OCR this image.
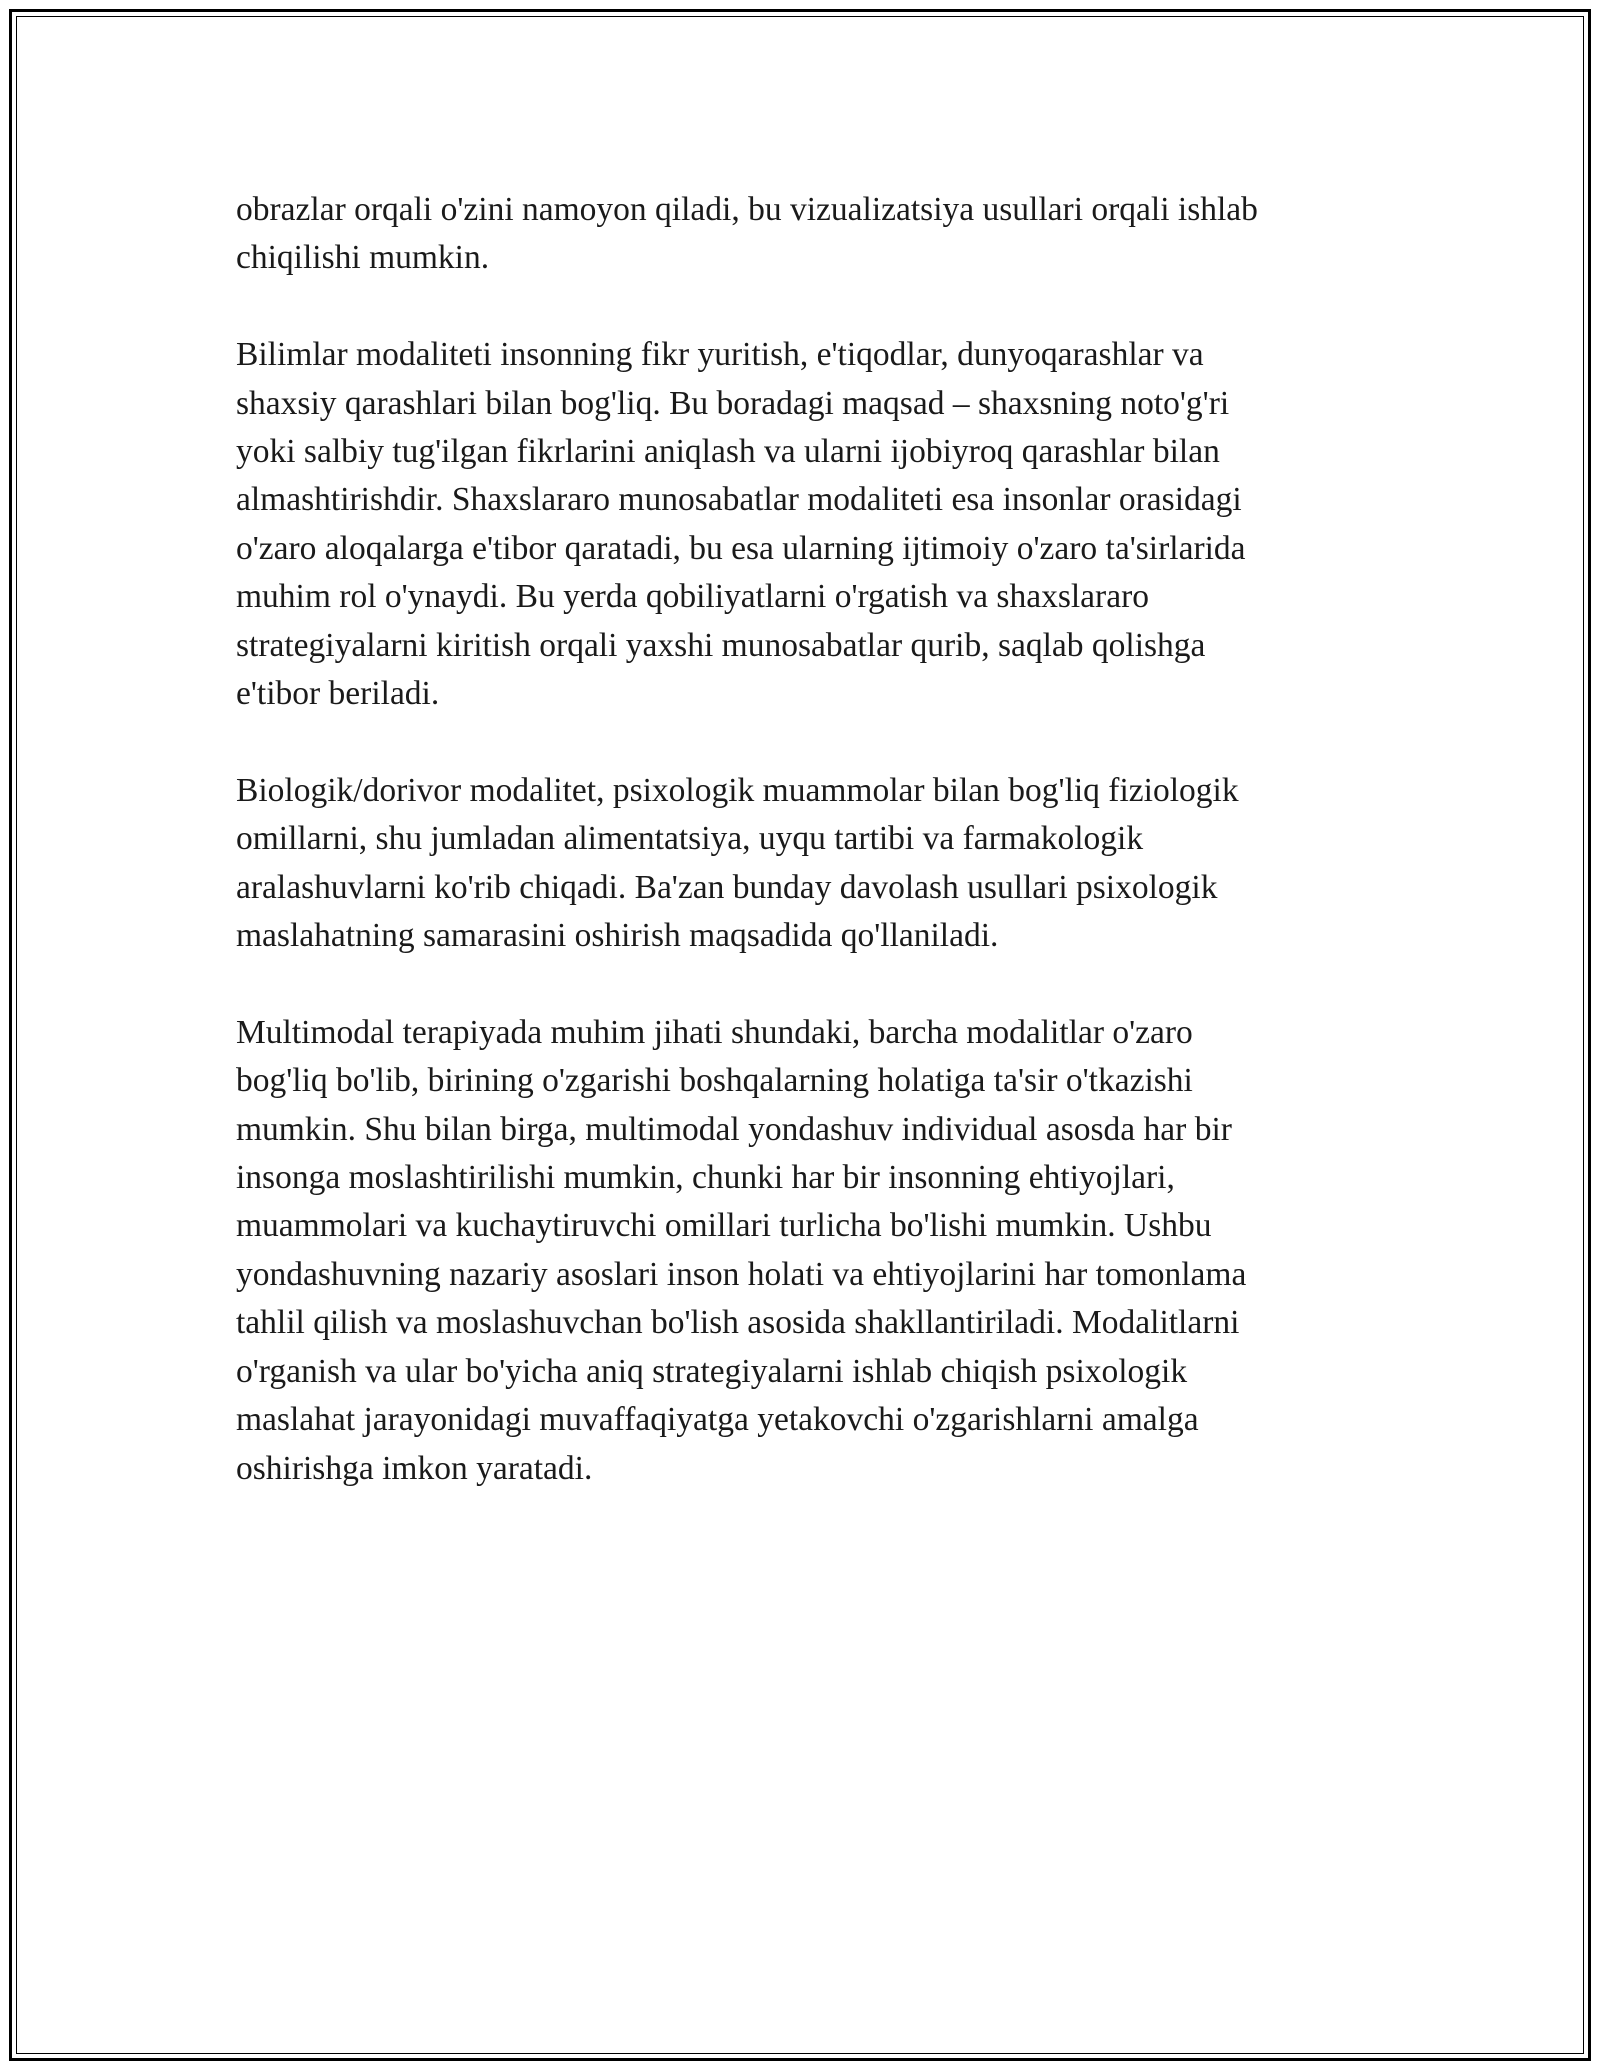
obrazlar orqali o'zini namoyon qiladi, bu vizualizatsiya usullari orqali ishlab
chiqilishi mumkin.

Bilimlar modaliteti insonning fikr yuritish, e'tiqodlar, dunyoqarashlar va
shaxsiy qarashlari bilan bog'liq. Bu boradagi maqsad – shaxsning noto'g'ri
yoki salbiy tug'ilgan fikrlarini aniqlash va ularni ijobiyroq qarashlar bilan
almashtirishdir. Shaxslararo munosabatlar modaliteti esa insonlar orasidagi
o'zaro aloqalarga e'tibor qaratadi, bu esa ularning ijtimoiy o'zaro ta'sirlarida
muhim rol o'ynaydi. Bu yerda qobiliyatlarni o'rgatish va shaxslararo
strategiyalarni kiritish orqali yaxshi munosabatlar qurib, saqlab qolishga
e'tibor beriladi.

Biologik/dorivor modalitet, psixologik muammolar bilan bog'liq fiziologik
omillarni, shu jumladan alimentatsiya, uyqu tartibi va farmakologik
aralashuvlarni ko'rib chiqadi. Ba'zan bunday davolash usullari psixologik
maslahatning samarasini oshirish maqsadida qo'llaniladi.

Multimodal terapiyada muhim jihati shundaki, barcha modalitlar o'zaro
bog'liq bo'lib, birining o'zgarishi boshqalarning holatiga ta'sir o'tkazishi
mumkin. Shu bilan birga, multimodal yondashuv individual asosda har bir
insonga moslashtirilishi mumkin, chunki har bir insonning ehtiyojlari,
muammolari va kuchaytiruvchi omillari turlicha bo'lishi mumkin. Ushbu
yondashuvning nazariy asoslari inson holati va ehtiyojlarini har tomonlama
tahlil qilish va moslashuvchan bo'lish asosida shakllantiriladi. Modalitlarni
o'rganish va ular bo'yicha aniq strategiyalarni ishlab chiqish psixologik
maslahat jarayonidagi muvaffaqiyatga yetakovchi o'zgarishlarni amalga
oshirishga imkon yaratadi.
